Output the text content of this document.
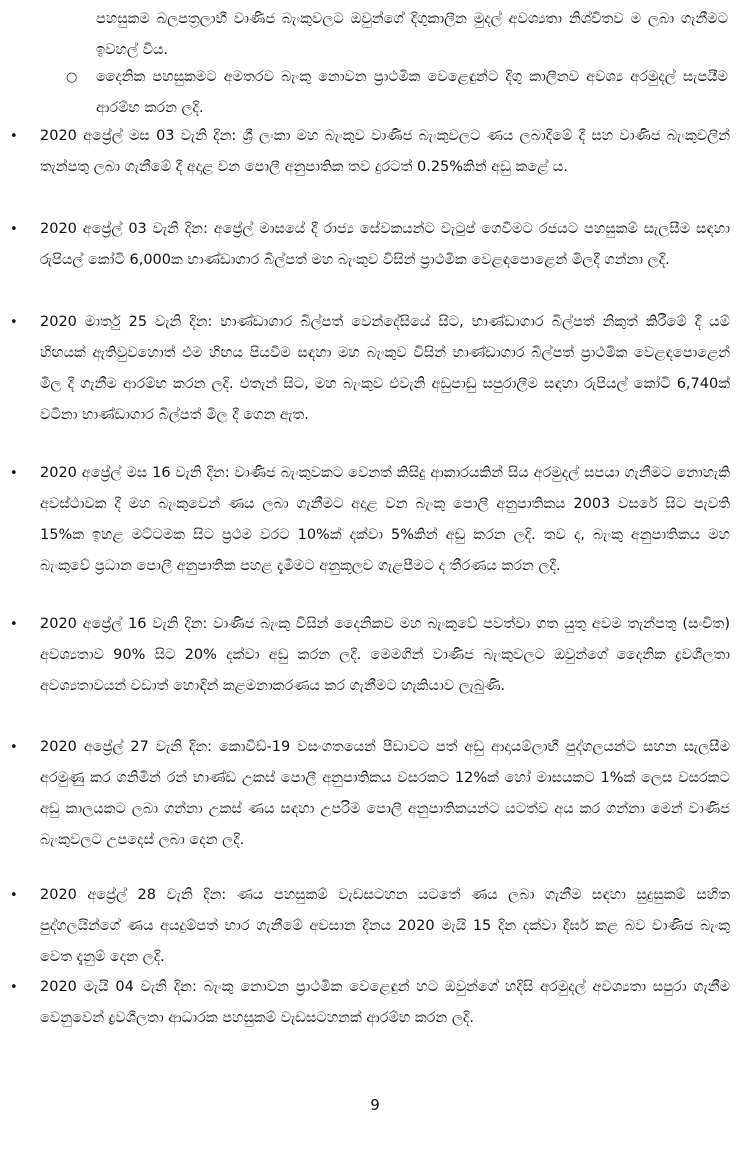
පහසුකම බලපත්‍රලාභී වාණිජ බැංකුවලට ඔවුන්ගේ දිගුකාලීන මුදල් අවශ්‍යතා නිශ්චිතව ම ලබා ගැනීමට ඉවහල් විය.
○ දෛනික පහසුකමට අමතරව බැංකු නොවන ප්‍රාථමික වෙළෙඳුන්ට දිගු කාලීනව අවශ්‍ය අරමුදල් සැපයීම ආරම්භ කරන ලදි.
• 2020 අප්‍රේල් මස 03 වැනි දින: ශ්‍රී ලංකා මහ බැංකුව වාණිජ බැංකුවලට ණය ලබාදීමේ දී සහ වාණිජ බැංකුවලින් තැන්පතු ලබා ගැනීමේ දී අදාළ වන පොලී අනුපාතික තව දුරටත් 0.25%කින් අඩු කළේ ය.
• 2020 අප්‍රේල් 03 වැනි දින: අප්‍රේල් මාසයේ දී රාජ්‍ය සේවකයන්ට වැටුප් ගෙවීමට රජයට පහසුකම් සැලසීම සඳහා රුපියල් කෝටි 6,000ක භාණ්ඩාගාර බිල්පත් මහ බැංකුව විසින් ප්‍රාථමික වෙළඳපොළෙන් මිලදී ගන්නා ලදි.
• 2020 මාර්තු 25 වැනි දින: භාණ්ඩාගාර බිල්පත් වෙන්දේසියේ සිට, භාණ්ඩාගාර බිල්පත් නිකුත් කිරීමේ දී යම් හිඟයක් ඇතිවුවහොත් එම හිඟය පියවීම සඳහා මහ බැංකුව විසින් භාණ්ඩාගාර බිල්පත් ප්‍රාථමික වෙළඳපොළෙන් මිල දී ගැනීම ආරම්භ කරන ලදි. එතැන් සිට, මහ බැංකුව එවැනි අඩුපාඩු සපුරාලීම සඳහා රුපියල් කෝටි 6,740ක් වටිනා භාණ්ඩාගාර බිල්පත් මිල දී ගෙන ඇත.
• 2020 අප්‍රේල් මස 16 වැනි දින: වාණිජ බැංකුවකට වෙනත් කිසිදු ආකාරයකින් සිය අරමුදල් සපයා ගැනීමට නොහැකි අවස්ථාවක දී මහ බැංකුවෙන් ණය ලබා ගැනීමට අදාළ වන බැංකු පොලී අනුපාතිකය 2003 වසරේ සිට පැවති 15%ක ඉහළ මට්ටමක සිට ප්‍රථම වරට 10%ක් දක්වා 5%කින් අඩු කරන ලදි. තව ද, බැංකු අනුපාතිකය මහ බැංකුවේ ප්‍රධාන පොලී අනුපාතික පහළ දැමීමට අනුකූලව ගැළපීමට ද තීරණය කරන ලදී.
• 2020 අප්‍රේල් 16 වැනි දින: වාණිජ බැංකු විසින් දෛනිකව මහ බැංකුවේ පවත්වා ගත යුතු අවම තැන්පතු (සංචිත) අවශ්‍යතාව 90% සිට 20% දක්වා අඩු කරන ලදි. මෙමගින් වාණිජ බැංකුවලට ඔවුන්ගේ දෛනික ද්‍රවශීලතා අවශ්‍යතාවයන් වඩාත් හොඳින් කළමනාකරණය කර ගැනීමට හැකියාව ලැබුණි.
• 2020 අප්‍රේල් 27 වැනි දින: කොවිඩ්-19 වසංගතයෙන් පීඩාවට පත් අඩු ආදායම්ලාභී පුද්ගලයන්ට සහන සැලසීම අරමුණු කර ගනිමින් රන් භාණ්ඩ උකස් පොලී අනුපාතිකය වසරකට 12%ක් හෝ මාසයකට 1%ක් ලෙස වසරකට අඩු කාලයකට ලබා ගන්නා උකස් ණය සඳහා උපරිම පොලී අනුපාතිකයන්ට යටත්ව අය කර ගන්නා මෙන් වාණිජ බැංකුවලට උපදෙස් ලබා දෙන ලදි.
• 2020 අප්‍රේල් 28 වැනි දින: ණය පහසුකම් වැඩසටහන යටතේ ණය ලබා ගැනීම සඳහා සුදුසුකම් සහිත පුද්ගලයින්ගේ ණය අයදුම්පත් භාර ගැනීමේ අවසාන දිනය 2020 මැයි 15 දින දක්වා දීර්ඝ කළ බව වාණිජ බැංකු වෙත දැනුම් දෙන ලදි.
• 2020 මැයි 04 වැනි දින: බැංකු නොවන ප්‍රාථමික වෙළෙඳුන් හට ඔවුන්ගේ හදිසි අරමුදල් අවශ්‍යතා සපුරා ගැනීම වෙනුවෙන් ද්‍රවශීලතා ආධාරක පහසුකම් වැඩසටහනක් ආරම්භ කරන ලදි.
9
